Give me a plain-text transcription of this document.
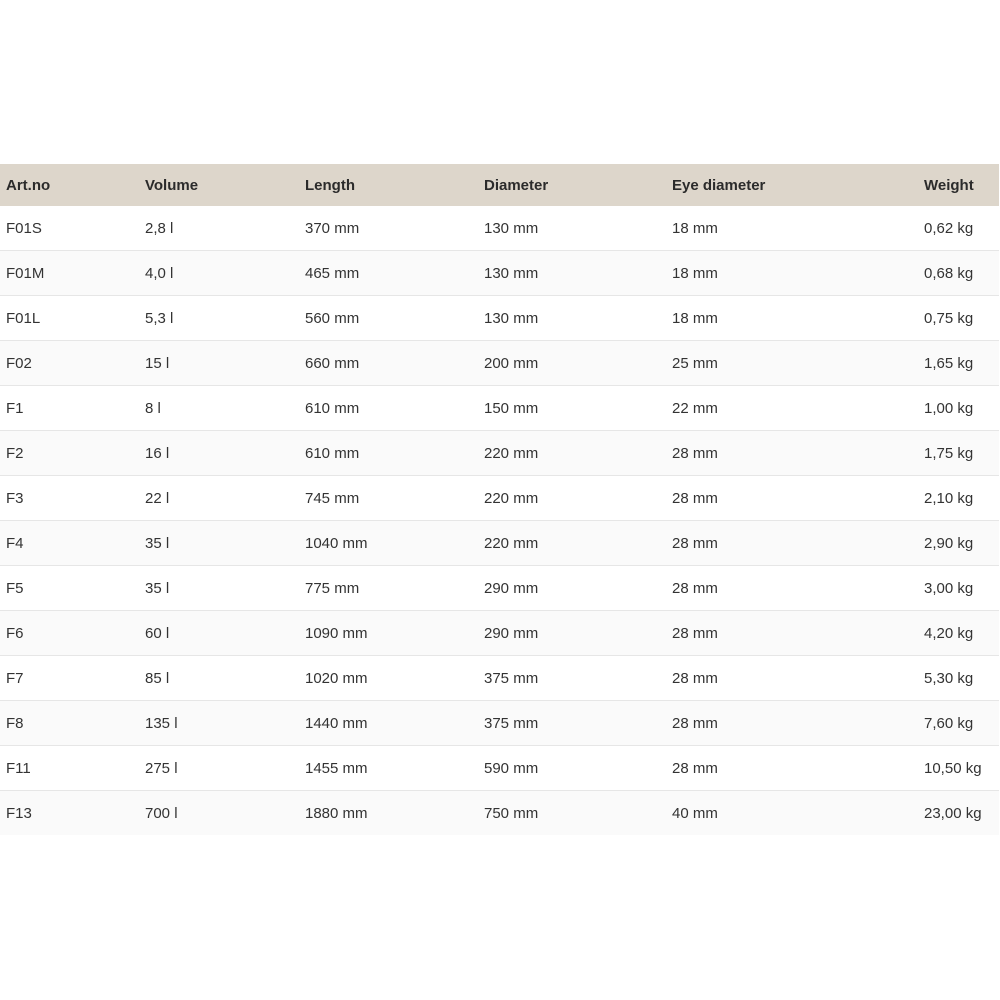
Art.no	Volume	Length	Diameter	Eye diameter	Weight
F01S	2,8 l	370 mm	130 mm	18 mm	0,62 kg
F01M	4,0 l	465 mm	130 mm	18 mm	0,68 kg
F01L	5,3 l	560 mm	130 mm	18 mm	0,75 kg
F02	15 l	660 mm	200 mm	25 mm	1,65 kg
F1	8 l	610 mm	150 mm	22 mm	1,00 kg
F2	16 l	610 mm	220 mm	28 mm	1,75 kg
F3	22 l	745 mm	220 mm	28 mm	2,10 kg
F4	35 l	1040 mm	220 mm	28 mm	2,90 kg
F5	35 l	775 mm	290 mm	28 mm	3,00 kg
F6	60 l	1090 mm	290 mm	28 mm	4,20 kg
F7	85 l	1020 mm	375 mm	28 mm	5,30 kg
F8	135 l	1440 mm	375 mm	28 mm	7,60 kg
F11	275 l	1455 mm	590 mm	28 mm	10,50 kg
F13	700 l	1880 mm	750 mm	40 mm	23,00 kg
